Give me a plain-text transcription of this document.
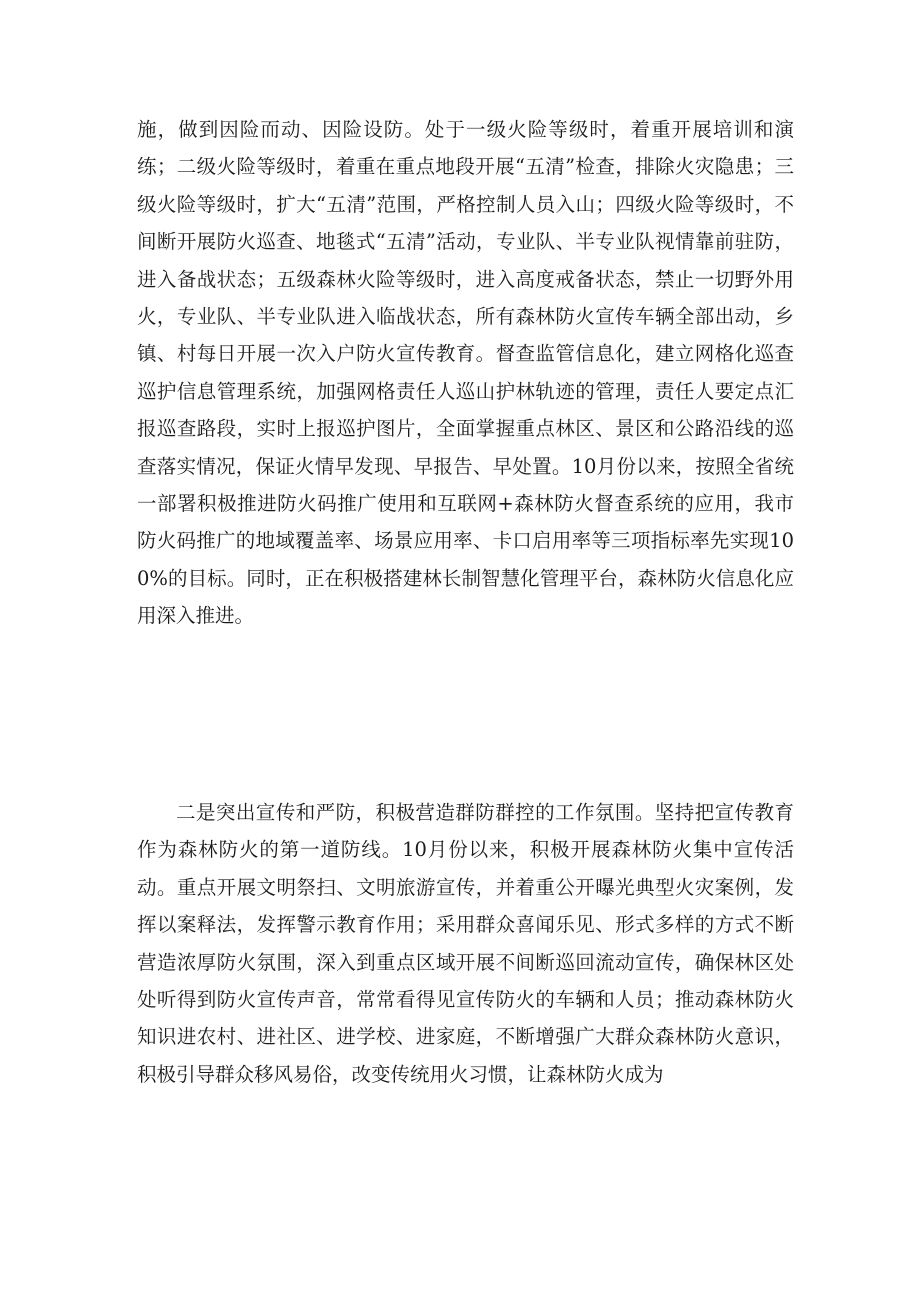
施，做到因险而动、因险设防。处于一级火险等级时，着重开展培训和演练；二级火险等级时，着重在重点地段开展“五清”检查，排除火灾隐患；三级火险等级时，扩大“五清”范围，严格控制人员入山；四级火险等级时，不间断开展防火巡查、地毯式“五清”活动，专业队、半专业队视情靠前驻防，进入备战状态；五级森林火险等级时，进入高度戒备状态，禁止一切野外用火，专业队、半专业队进入临战状态，所有森林防火宣传车辆全部出动，乡镇、村每日开展一次入户防火宣传教育。督查监管信息化，建立网格化巡查巡护信息管理系统，加强网格责任人巡山护林轨迹的管理，责任人要定点汇报巡查路段，实时上报巡护图片，全面掌握重点林区、景区和公路沿线的巡查落实情况，保证火情早发现、早报告、早处置。10月份以来，按照全省统一部署积极推进防火码推广使用和互联网+森林防火督查系统的应用，我市防火码推广的地域覆盖率、场景应用率、卡口启用率等三项指标率先实现100%的目标。同时，正在积极搭建林长制智慧化管理平台，森林防火信息化应用深入推进。

二是突出宣传和严防，积极营造群防群控的工作氛围。坚持把宣传教育作为森林防火的第一道防线。10月份以来，积极开展森林防火集中宣传活动。重点开展文明祭扫、文明旅游宣传，并着重公开曝光典型火灾案例，发挥以案释法，发挥警示教育作用；采用群众喜闻乐见、形式多样的方式不断营造浓厚防火氛围，深入到重点区域开展不间断巡回流动宣传，确保林区处处听得到防火宣传声音，常常看得见宣传防火的车辆和人员；推动森林防火知识进农村、进社区、进学校、进家庭，不断增强广大群众森林防火意识，积极引导群众移风易俗，改变传统用火习惯，让森林防火成为
